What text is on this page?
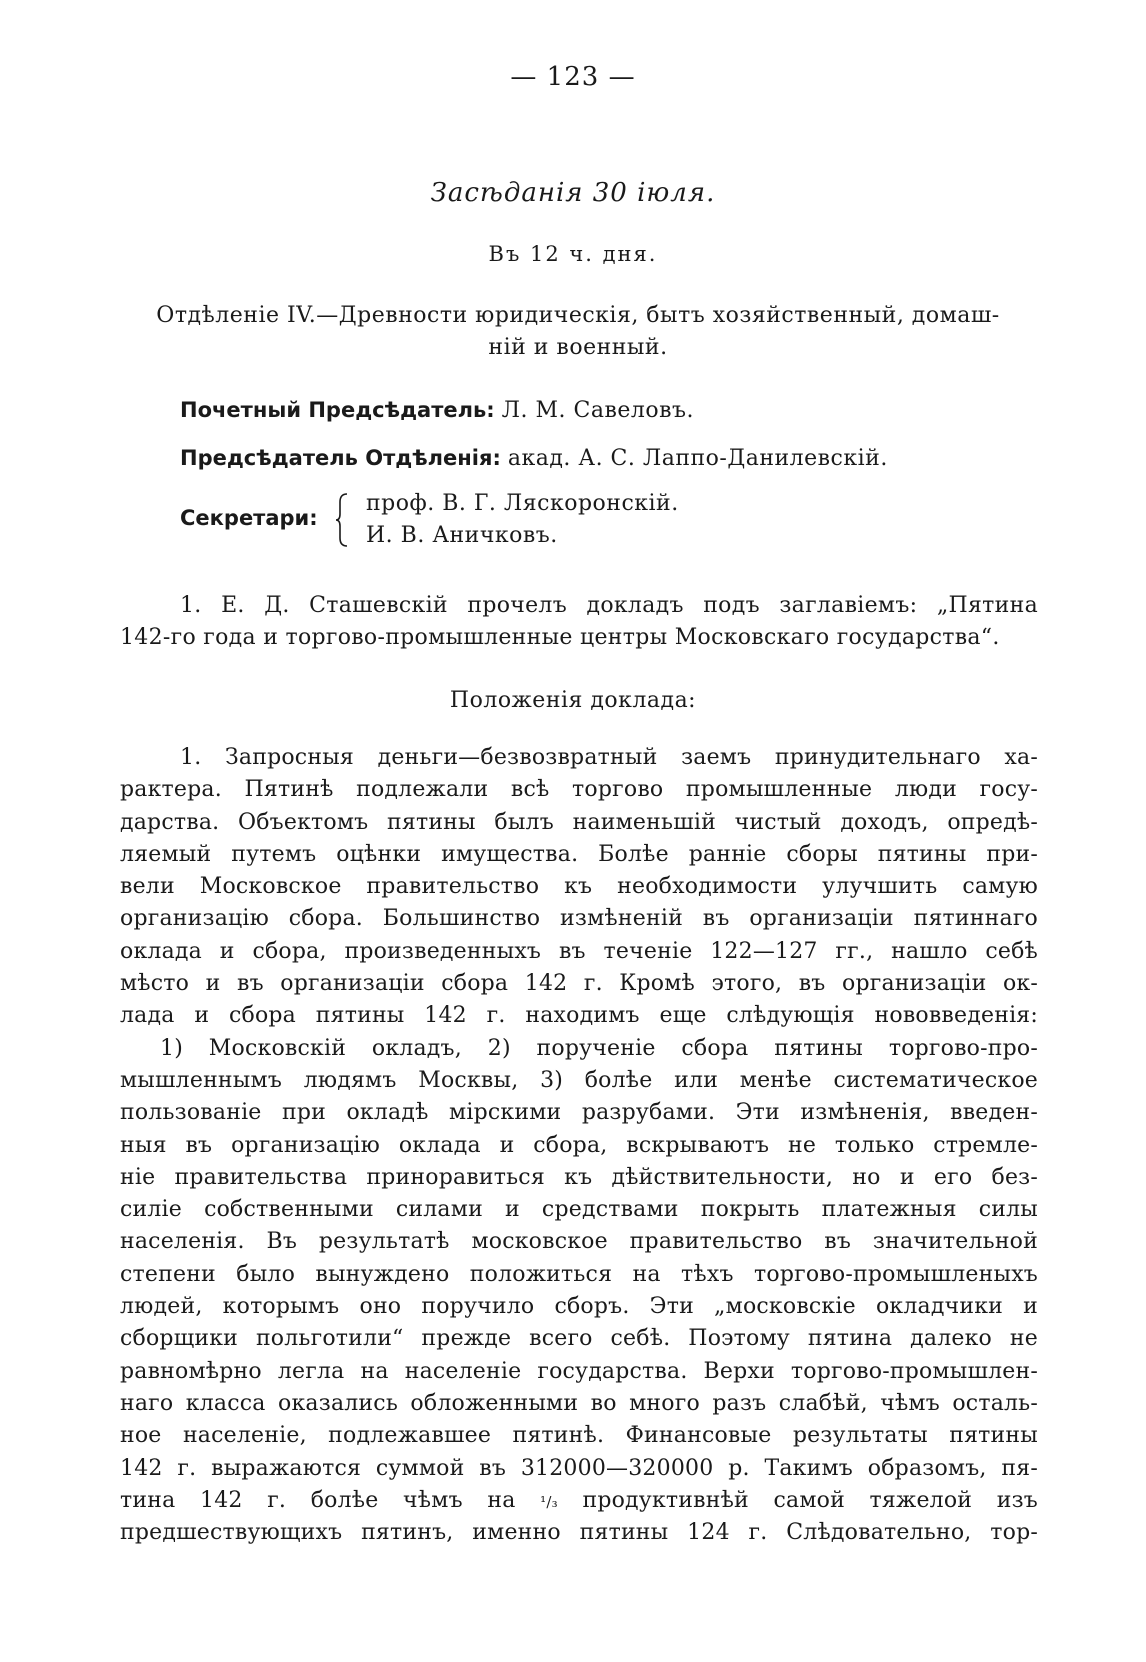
— 123 —
Засѣданія 30 іюля.
Въ 12 ч. дня.
Отдѣленіе IV.—Древности юридическія, бытъ хозяйственный, домаш-
ній и военный.
Почетный Предсѣдатель: Л. М. Савеловъ.
Предсѣдатель Отдѣленія: акад. А. С. Лаппо-Данилевскій.
Секретари:
проф. В. Г. Ляскоронскій.
И. В. Аничковъ.
1. Е. Д. Сташевскій прочелъ докладъ подъ заглавіемъ: „Пятина
142-го года и торгово-промышленные центры Московскаго государства“.
Положенія доклада:
1. Запросныя деньги—безвозвратный заемъ принудительнаго ха-
рактера. Пятинѣ подлежали всѣ торгово промышленные люди госу-
дарства. Объектомъ пятины былъ наименьшій чистый доходъ, опредѣ-
ляемый путемъ оцѣнки имущества. Болѣе ранніе сборы пятины при-
вели Московское правительство къ необходимости улучшить самую
организацію сбора. Большинство измѣненій въ организаціи пятиннаго
оклада и сбора, произведенныхъ въ теченіе 122—127 гг., нашло себѣ
мѣсто и въ организаціи сбора 142 г. Кромѣ этого, въ организаціи ок-
лада и сбора пятины 142 г. находимъ еще слѣдующія нововведенія:
1) Московскій окладъ, 2) порученіе сбора пятины торгово-про-
мышленнымъ людямъ Москвы, 3) болѣе или менѣе систематическое
пользованіе при окладѣ мірскими разрубами. Эти измѣненія, введен-
ныя въ организацію оклада и сбора, вскрываютъ не только стремле-
ніе правительства приноравиться къ дѣйствительности, но и его без-
силіе собственными силами и средствами покрыть платежныя силы
населенія. Въ результатѣ московское правительство въ значительной
степени было вынуждено положиться на тѣхъ торгово-промышленыхъ
людей, которымъ оно поручило сборъ. Эти „московскіе окладчики и
сборщики польготили“ прежде всего себѣ. Поэтому пятина далеко не
равномѣрно легла на населеніе государства. Верхи торгово-промышлен-
наго класса оказались обложенными во много разъ слабѣй, чѣмъ осталь-
ное населеніе, подлежавшее пятинѣ. Финансовые результаты пятины
142 г. выражаются суммой въ 312000—320000 р. Такимъ образомъ, пя-
тина 142 г. болѣе чѣмъ на ¹/₃ продуктивнѣй самой тяжелой изъ
предшествующихъ пятинъ, именно пятины 124 г. Слѣдовательно, тор-
